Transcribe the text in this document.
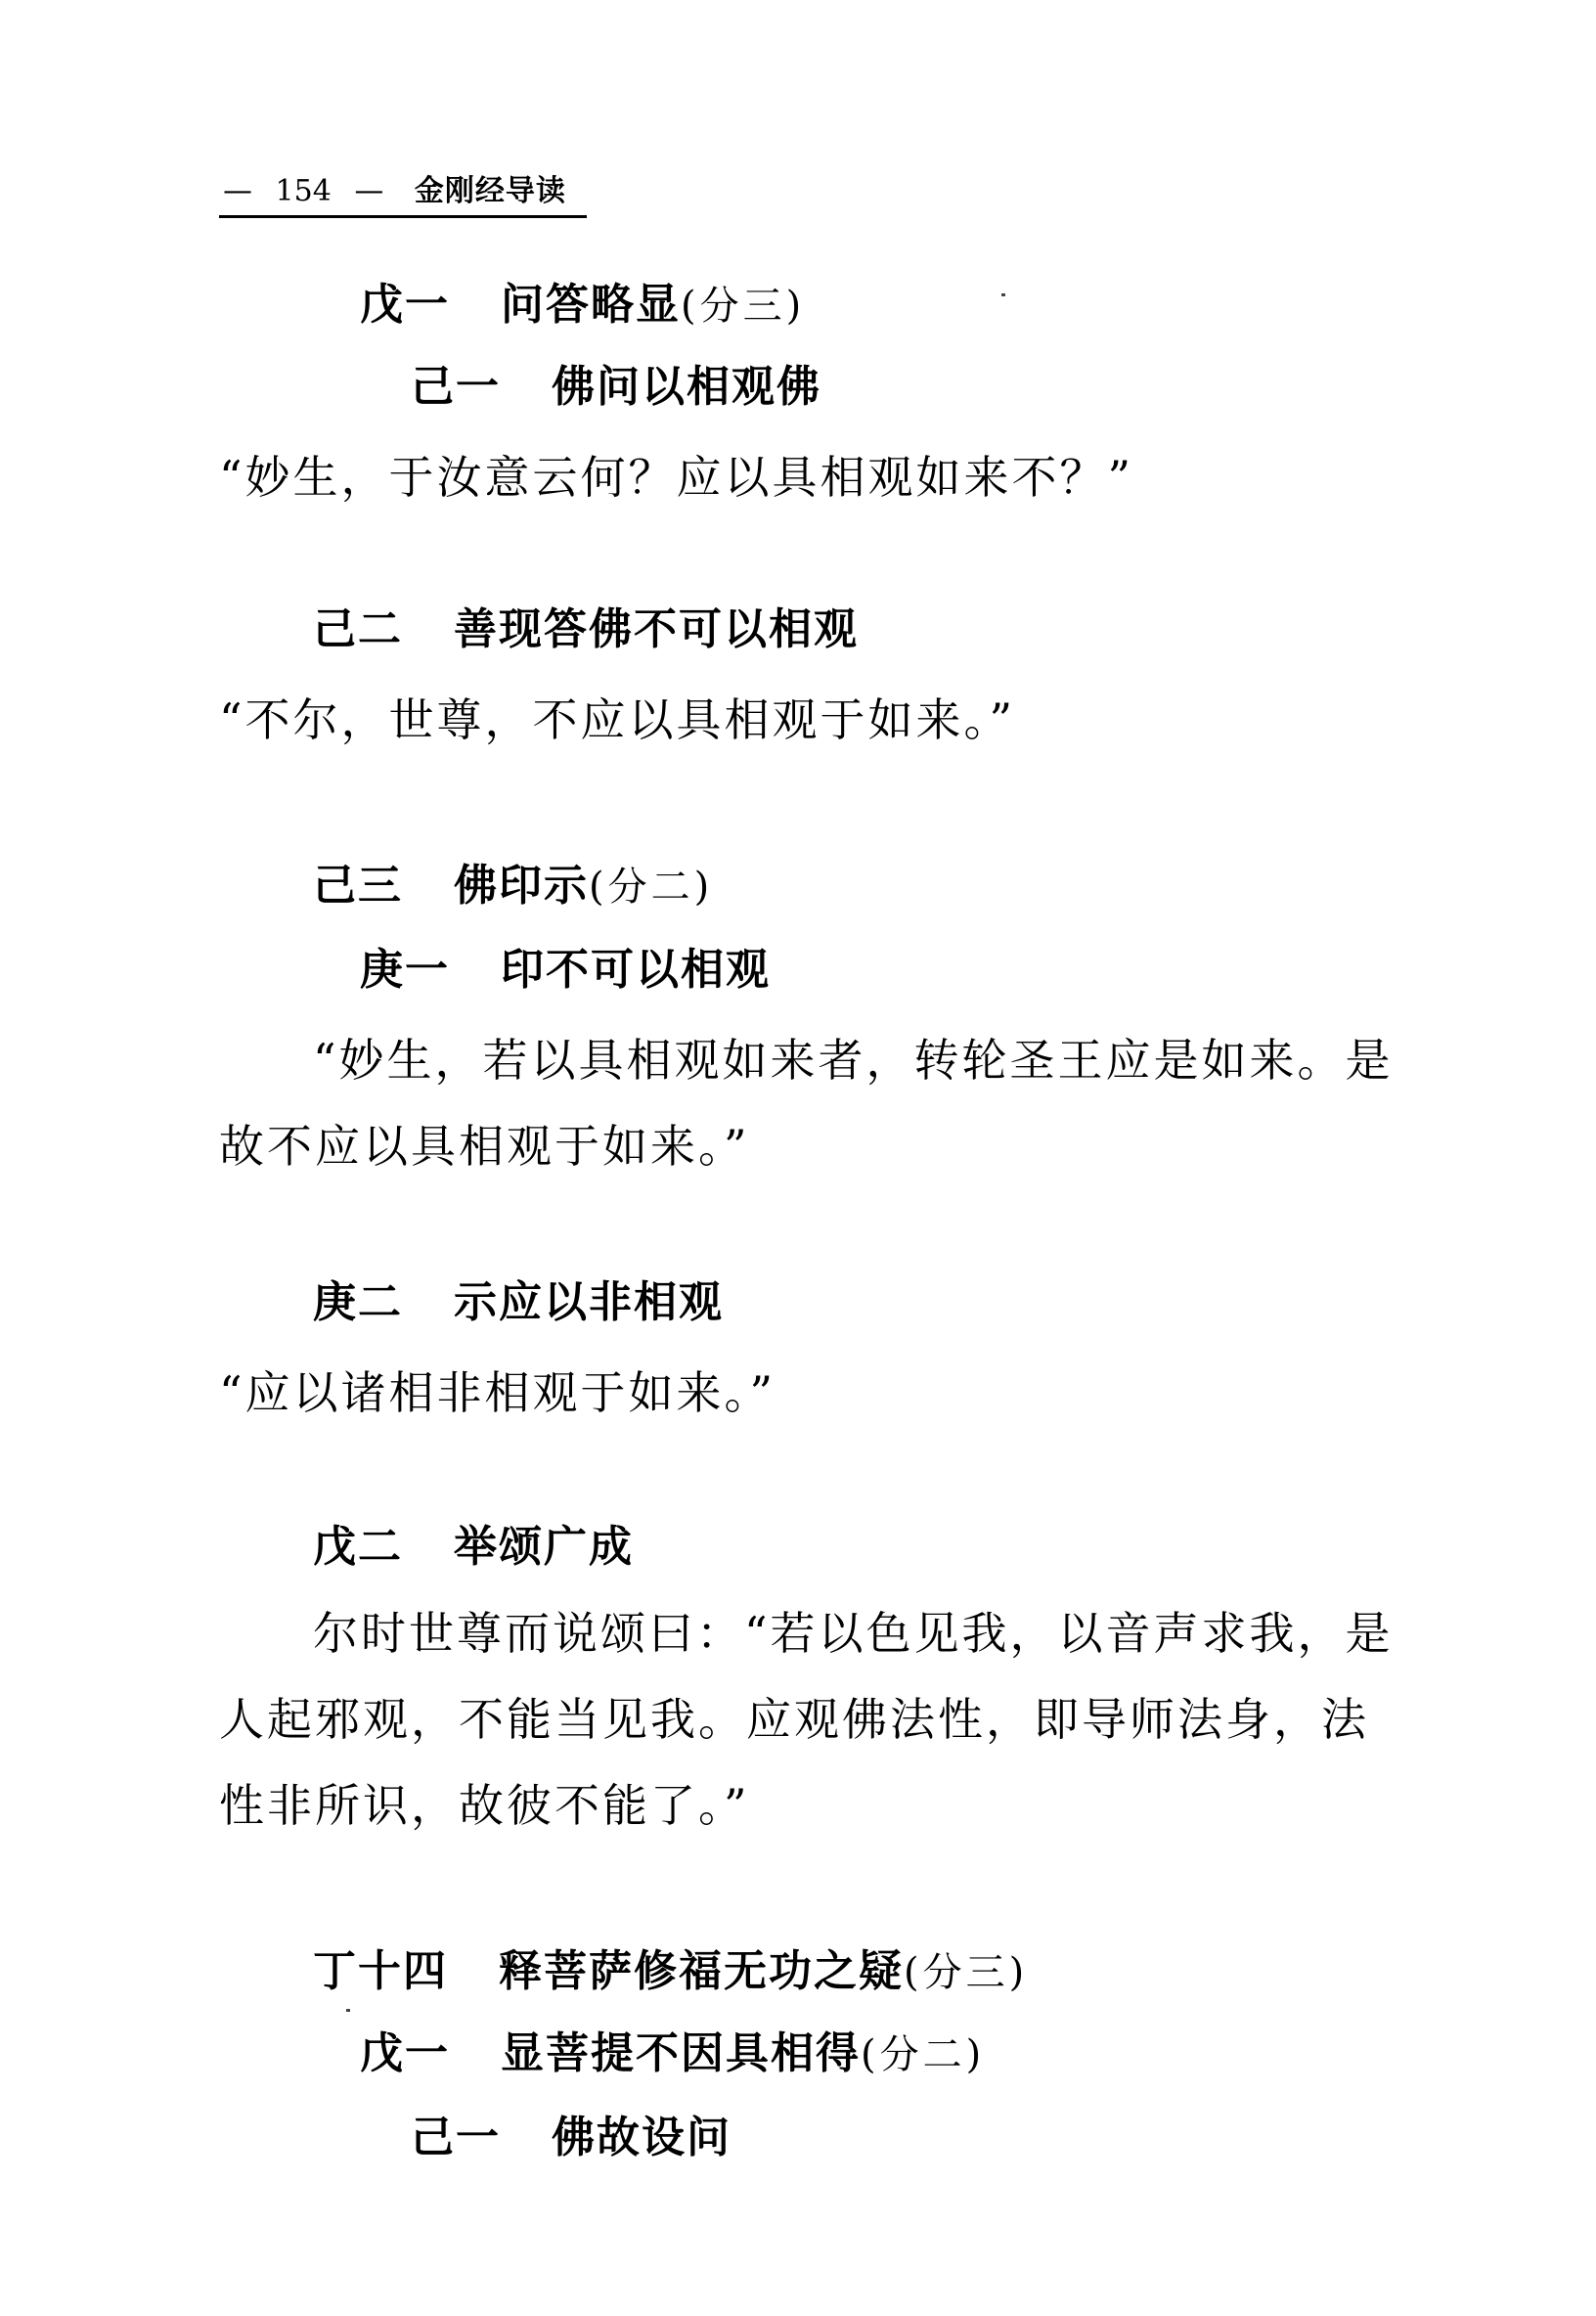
— 154 — 金刚经导读
戊一 问答略显(分三)
己一 佛问以相观佛
“妙生，于汝意云何？应以具相观如来不？”
己二 善现答佛不可以相观
“不尔，世尊，不应以具相观于如来。”
己三 佛印示(分二)
庚一 印不可以相观
“妙生，若以具相观如来者，转轮圣王应是如来。是故不应以具相观于如来。”
庚二 示应以非相观
“应以诸相非相观于如来。”
戊二 举颂广成
尔时世尊而说颂曰：“若以色见我，以音声求我，是人起邪观，不能当见我。应观佛法性，即导师法身，法性非所识，故彼不能了。”
丁十四 释菩萨修福无功之疑(分三)
戊一 显菩提不因具相得(分二)
己一 佛故设问
